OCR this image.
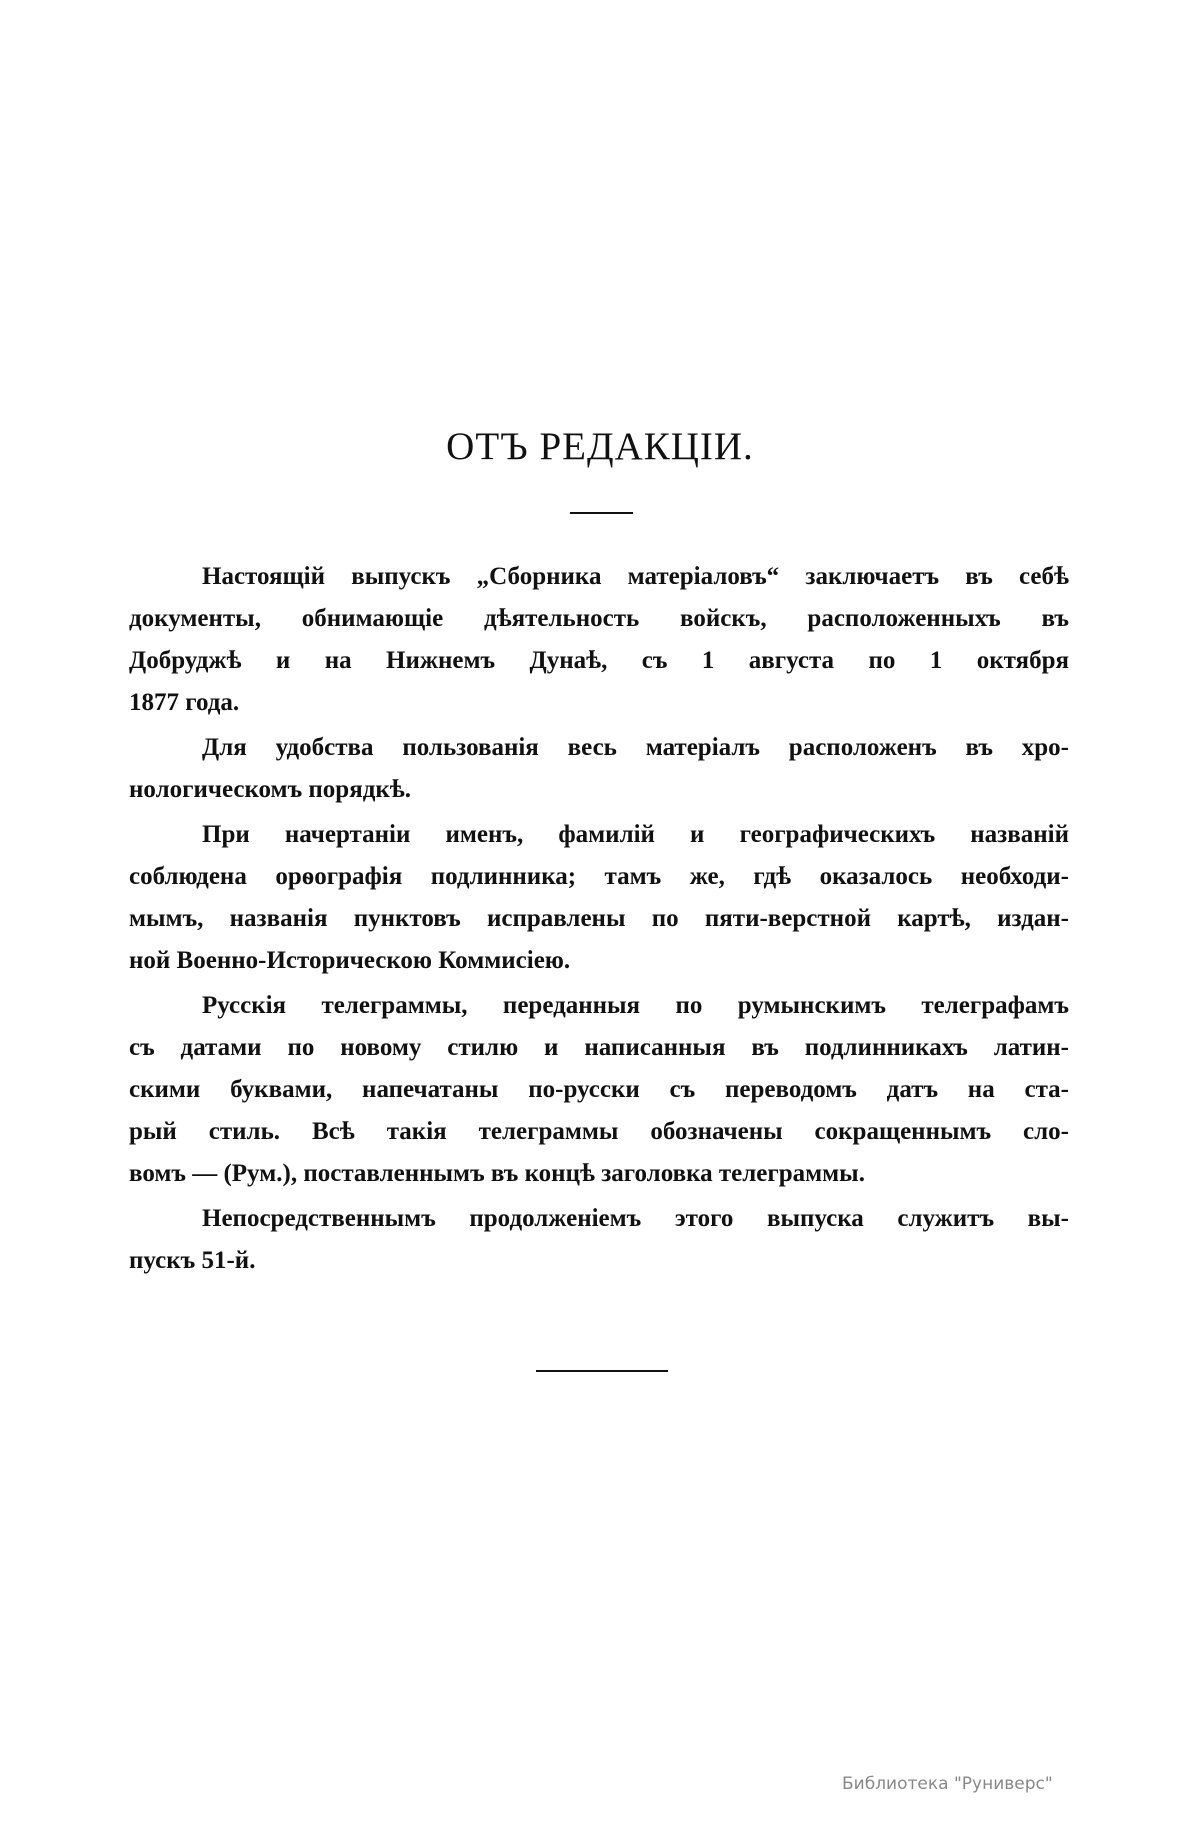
ОТЪ РЕДАКЦІИ.
Настоящій выпускъ „Сборника матеріаловъ“ заключаетъ въ себѣ
документы, обнимающіе дѣятельность войскъ, расположенныхъ въ
Добруджѣ и на Нижнемъ Дунаѣ, съ 1 августа по 1 октября
1877 года.
Для удобства пользованія весь матеріалъ расположенъ въ хро-
нологическомъ порядкѣ.
При начертаніи именъ, фамилій и географическихъ названій
соблюдена орѳографія подлинника; тамъ же, гдѣ оказалось необходи-
мымъ, названія пунктовъ исправлены по пяти-верстной картѣ, издан-
ной Военно-Историческою Коммисіею.
Русскія телеграммы, переданныя по румынскимъ телеграфамъ
съ датами по новому стилю и написанныя въ подлинникахъ латин-
скими буквами, напечатаны по-русски съ переводомъ датъ на ста-
рый стиль. Всѣ такія телеграммы обозначены сокращеннымъ сло-
вомъ — (Рум.), поставленнымъ въ концѣ заголовка телеграммы.
Непосредственнымъ продолженіемъ этого выпуска служитъ вы-
пускъ 51-й.
Библиотека "Руниверс"
